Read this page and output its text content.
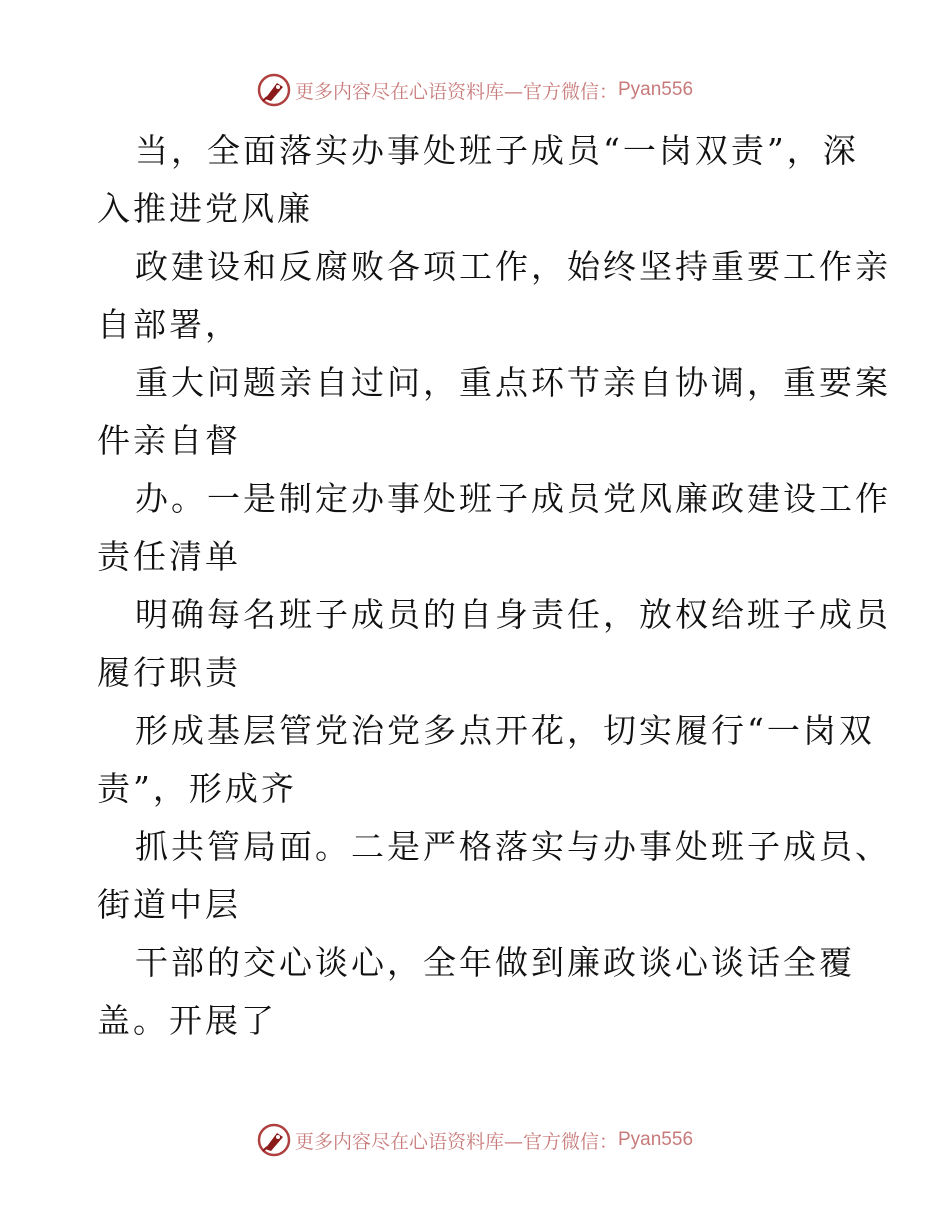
更多内容尽在心语资料库—官方微信： Pyan556
当，全面落实办事处班子成员“一岗双责”，深
入推进党风廉
政建设和反腐败各项工作，始终坚持重要工作亲
自部署，
重大问题亲自过问，重点环节亲自协调，重要案
件亲自督
办。一是制定办事处班子成员党风廉政建设工作
责任清单
明确每名班子成员的自身责任，放权给班子成员
履行职责
形成基层管党治党多点开花，切实履行“一岗双
责”，形成齐
抓共管局面。二是严格落实与办事处班子成员、
街道中层
干部的交心谈心，全年做到廉政谈心谈话全覆
盖。开展了
更多内容尽在心语资料库—官方微信： Pyan556
